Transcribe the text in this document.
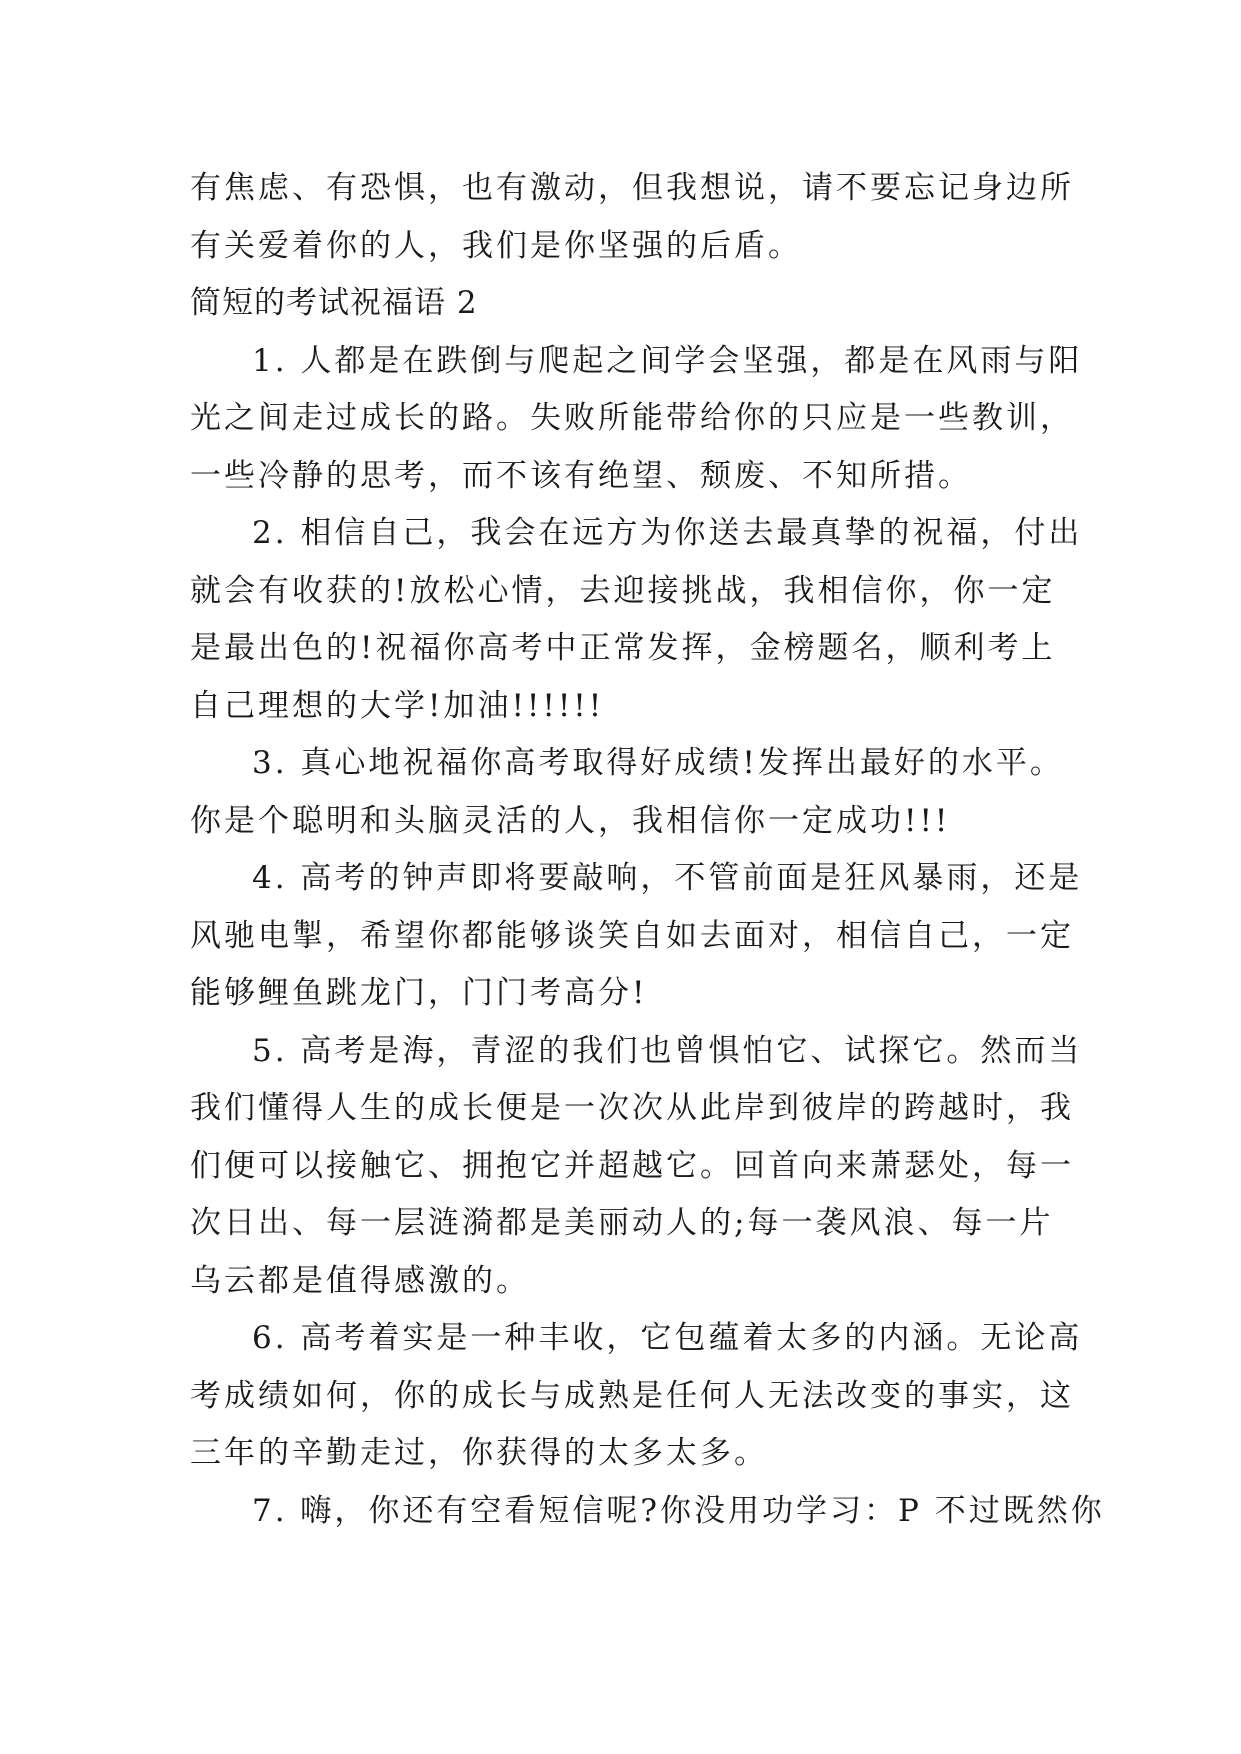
有焦虑、有恐惧，也有激动，但我想说，请不要忘记身边所
有关爱着你的人，我们是你坚强的后盾。

简短的考试祝福语 2

1. 人都是在跌倒与爬起之间学会坚强，都是在风雨与阳
光之间走过成长的路。失败所能带给你的只应是一些教训，
一些冷静的思考，而不该有绝望、颓废、不知所措。

2. 相信自己，我会在远方为你送去最真挚的祝福，付出
就会有收获的!放松心情，去迎接挑战，我相信你，你一定
是最出色的!祝福你高考中正常发挥，金榜题名，顺利考上
自己理想的大学!加油!!!!!!

3. 真心地祝福你高考取得好成绩!发挥出最好的水平。
你是个聪明和头脑灵活的人，我相信你一定成功!!!

4. 高考的钟声即将要敲响，不管前面是狂风暴雨，还是
风驰电掣，希望你都能够谈笑自如去面对，相信自己，一定
能够鲤鱼跳龙门，门门考高分!

5. 高考是海，青涩的我们也曾惧怕它、试探它。然而当
我们懂得人生的成长便是一次次从此岸到彼岸的跨越时，我
们便可以接触它、拥抱它并超越它。回首向来萧瑟处，每一
次日出、每一层涟漪都是美丽动人的;每一袭风浪、每一片
乌云都是值得感激的。

6. 高考着实是一种丰收，它包蕴着太多的内涵。无论高
考成绩如何，你的成长与成熟是任何人无法改变的事实，这
三年的辛勤走过，你获得的太多太多。

7. 嗨，你还有空看短信呢?你没用功学习：P 不过既然你
